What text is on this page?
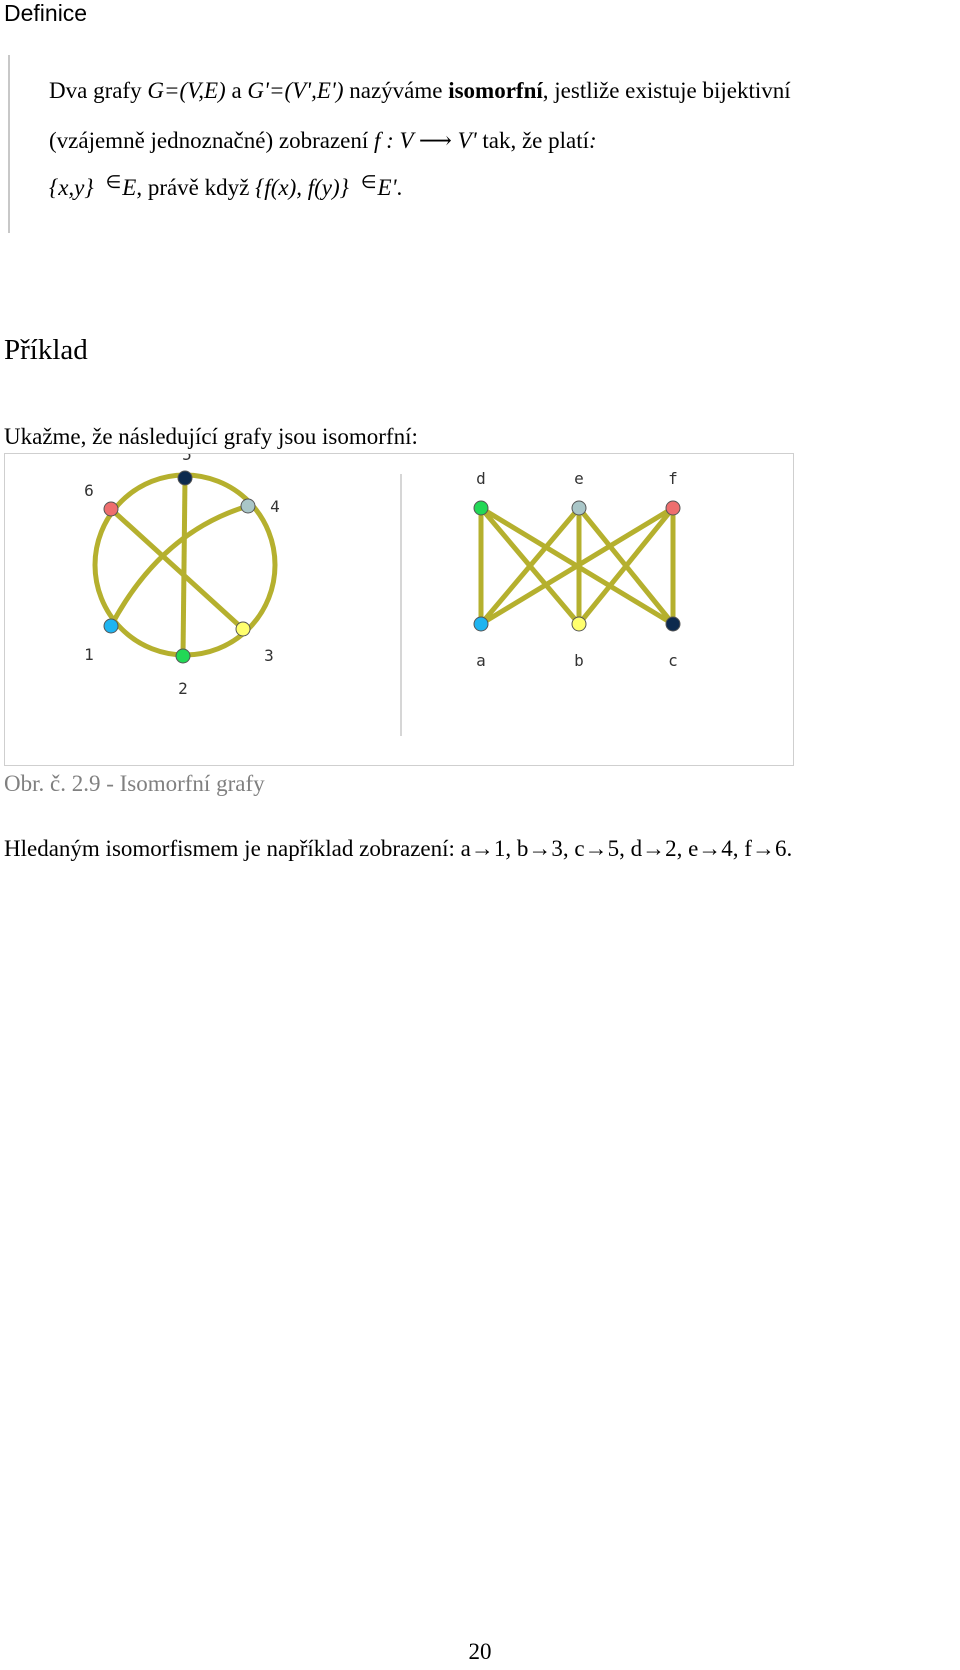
Definice
Dva grafy G=(V,E) a G'=(V',E') nazýváme isomorfní, jestliže existuje bijektivní
(vzájemně jednoznačné) zobrazení f : V ⟶ V' tak, že platí:
{x,y} ∈E, právě když {f(x), f(y)} ∈E'.
Příklad
Ukažme, že následující grafy jsou isomorfní:
1
2
3
4
5
6
d	e	f
a	b	c
Obr. č. 2.9 - Isomorfní grafy
Hledaným isomorfismem je například zobrazení: a→1, b→3, c→5, d→2, e→4, f→6.
20
